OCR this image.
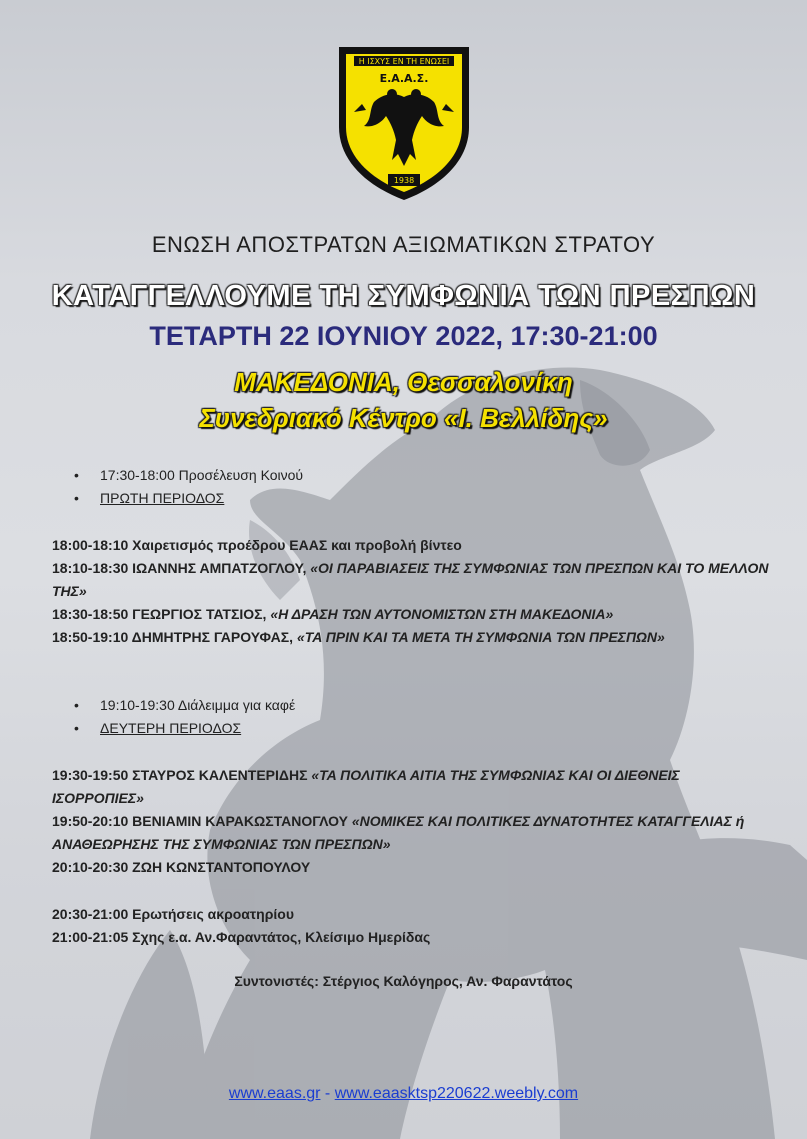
Η ΙΣΧΥΣ ΕΝ ΤΗ ΕΝΩΣΕΙ
Ε.Α.Α.Σ.
1938
ΕΝΩΣΗ ΑΠΟΣΤΡΑΤΩΝ ΑΞΙΩΜΑΤΙΚΩΝ ΣΤΡΑΤΟΥ
ΚΑΤΑΓΓΕΛΛΟΥΜΕ ΤΗ ΣΥΜΦΩΝΙΑ ΤΩΝ ΠΡΕΣΠΩΝ
ΤΕΤΑΡΤΗ 22 ΙΟΥΝΙΟΥ 2022, 17:30-21:00
ΜΑΚΕΔΟΝΙΑ, Θεσσαλονίκη
Συνεδριακό Κέντρο «Ι. Βελλίδης»
• 17:30-18:00 Προσέλευση Κοινού
• ΠΡΩΤΗ ΠΕΡΙΟΔΟΣ

18:00-18:10 Χαιρετισμός προέδρου ΕΑΑΣ και προβολή βίντεο

18:10-18:30 ΙΩΑΝΝΗΣ ΑΜΠΑΤΖΟΓΛΟΥ, «ΟΙ ΠΑΡΑΒΙΑΣΕΙΣ ΤΗΣ ΣΥΜΦΩΝΙΑΣ ΤΩΝ ΠΡΕΣΠΩΝ ΚΑΙ ΤΟ ΜΕΛΛΟΝ ΤΗΣ»

18:30-18:50 ΓΕΩΡΓΙΟΣ ΤΑΤΣΙΟΣ, «Η ΔΡΑΣΗ ΤΩΝ ΑΥΤΟΝΟΜΙΣΤΩΝ ΣΤΗ ΜΑΚΕΔΟΝΙΑ»

18:50-19:10 ΔΗΜΗΤΡΗΣ ΓΑΡΟΥΦΑΣ, «ΤΑ ΠΡΙΝ ΚΑΙ ΤΑ ΜΕΤΑ ΤΗ ΣΥΜΦΩΝΙΑ ΤΩΝ ΠΡΕΣΠΩΝ»

• 19:10-19:30 Διάλειμμα για καφέ
• ΔΕΥΤΕΡΗ ΠΕΡΙΟΔΟΣ

19:30-19:50 ΣΤΑΥΡΟΣ ΚΑΛΕΝΤΕΡΙΔΗΣ «ΤΑ ΠΟΛΙΤΙΚΑ ΑΙΤΙΑ ΤΗΣ ΣΥΜΦΩΝΙΑΣ ΚΑΙ ΟΙ ΔΙΕΘΝΕΙΣ ΙΣΟΡΡΟΠΙΕΣ»

19:50-20:10 ΒΕΝΙΑΜΙΝ ΚΑΡΑΚΩΣΤΑΝΟΓΛΟΥ «ΝΟΜΙΚΕΣ ΚΑΙ ΠΟΛΙΤΙΚΕΣ ΔΥΝΑΤΟΤΗΤΕΣ ΚΑΤΑΓΓΕΛΙΑΣ ή ΑΝΑΘΕΩΡΗΣΗΣ ΤΗΣ ΣΥΜΦΩΝΙΑΣ ΤΩΝ ΠΡΕΣΠΩΝ»

20:10-20:30 ΖΩΗ ΚΩΝΣΤΑΝΤΟΠΟΥΛΟΥ

20:30-21:00 Ερωτήσεις ακροατηρίου

21:00-21:05 Σχης ε.α. Αν.Φαραντάτος, Κλείσιμο Ημερίδας

Συντονιστές: Στέργιος Καλόγηρος, Αν. Φαραντάτος
www.eaas.gr - www.eaasktsp220622.weebly.com
